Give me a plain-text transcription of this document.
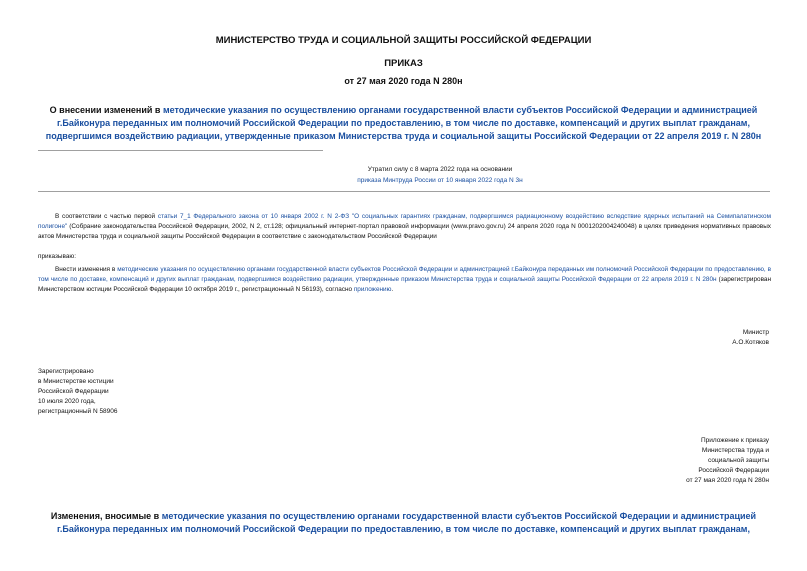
МИНИСТЕРСТВО ТРУДА И СОЦИАЛЬНОЙ ЗАЩИТЫ РОССИЙСКОЙ ФЕДЕРАЦИИ
ПРИКАЗ
от 27 мая 2020 года N 280н
О внесении изменений в методические указания по осуществлению органами государственной власти субъектов Российской Федерации и администрацией г.Байконура переданных им полномочий Российской Федерации по предоставлению, в том числе по доставке, компенсаций и других выплат гражданам, подвергшимся воздействию радиации, утвержденные приказом Министерства труда и социальной защиты Российской Федерации от 22 апреля 2019 г. N 280н
Утратил силу с 8 марта 2022 года на основании
приказа Минтруда России от 10 января 2022 года N 3н
В соответствии с частью первой статьи 7_1 Федерального закона от 10 января 2002 г. N 2-ФЗ "О социальных гарантиях гражданам, подвергшимся радиационному воздействию вследствие ядерных испытаний на Семипалатинском полигоне" (Собрание законодательства Российской Федерации, 2002, N 2, ст.128; официальный интернет-портал правовой информации (www.pravo.gov.ru) 24 апреля 2020 года N 0001202004240048) в целях приведения нормативных правовых актов Министерства труда и социальной защиты Российской Федерации в соответствие с законодательством Российской Федерации
приказываю:
Внести изменения в методические указания по осуществлению органами государственной власти субъектов Российской Федерации и администрацией г.Байконура переданных им полномочий Российской Федерации по предоставлению, в том числе по доставке, компенсаций и других выплат гражданам, подвергшимся воздействию радиации, утвержденные приказом Министерства труда и социальной защиты Российской Федерации от 22 апреля 2019 г. N 280н (зарегистрирован Министерством юстиции Российской Федерации 10 октября 2019 г., регистрационный N 56193), согласно приложению.
Министр
А.О.Котяков
Зарегистрировано
в Министерстве юстиции
Российской Федерации
10 июля 2020 года,
регистрационный N 58906
Приложение к приказу
Министерства труда и
социальной защиты
Российской Федерации
от 27 мая 2020 года N 280н
Изменения, вносимые в методические указания по осуществлению органами государственной власти субъектов Российской Федерации и администрацией г.Байконура переданных им полномочий Российской Федерации по предоставлению, в том числе по доставке, компенсаций и других выплат гражданам,
